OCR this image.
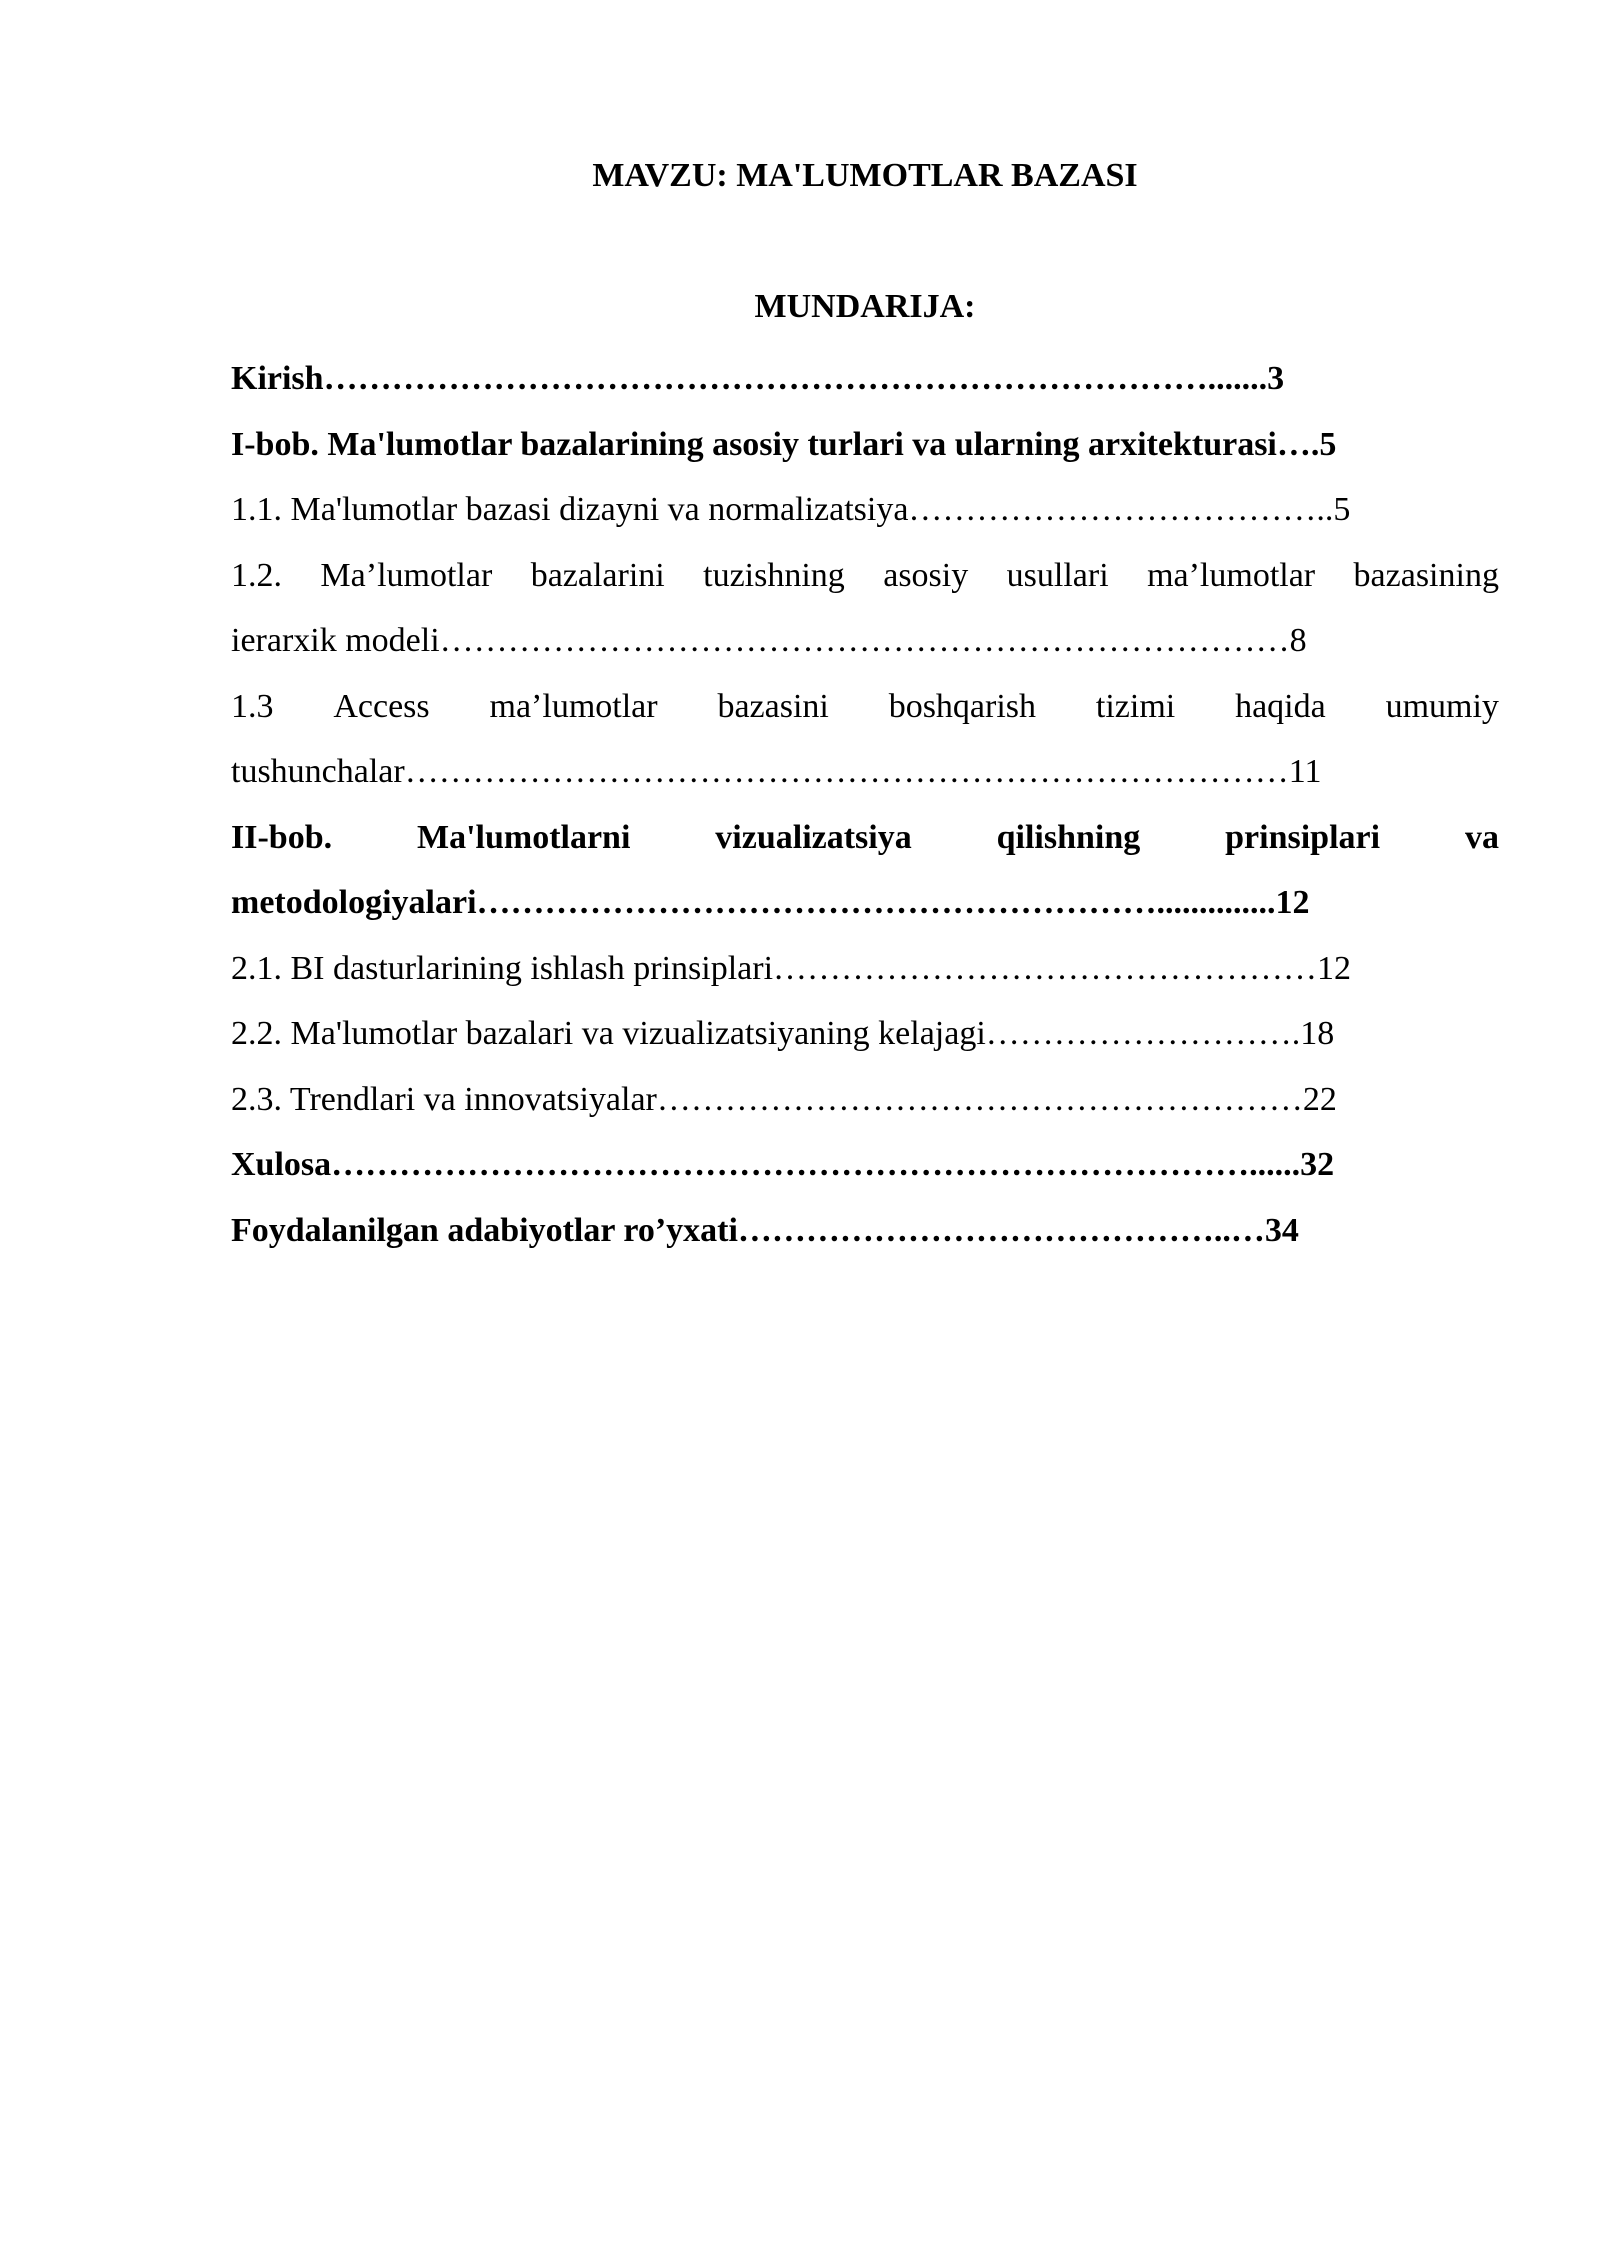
MAVZU: MA'LUMOTLAR BAZASI
MUNDARIJA:
Kirish…………………………………………………………………….......3
I-bob. Ma'lumotlar bazalarining asosiy turlari va ularning arxitekturasi….5
1.1. Ma'lumotlar bazasi dizayni va normalizatsiya………………………………..5
1.2. Ma’lumotlar bazalarini tuzishning asosiy usullari ma’lumotlar bazasining
ierarxik modeli…………………………………………………………………8
1.3 Access ma’lumotlar bazasini boshqarish tizimi haqida umumiy
tushunchalar……………………………………………………………………11
II-bob. Ma'lumotlarni vizualizatsiya qilishning prinsiplari va
metodologiyalari……………………………………………………..............12
2.1. BI dasturlarining ishlash prinsiplari…………………………………………12
2.2. Ma'lumotlar bazalari va vizualizatsiyaning kelajagi……………………….18
2.3. Trendlari va innovatsiyalar…………………………………………………22
Xulosa………………………………………………………………………......32
Foydalanilgan adabiyotlar ro’yxati……………………………………..…34
